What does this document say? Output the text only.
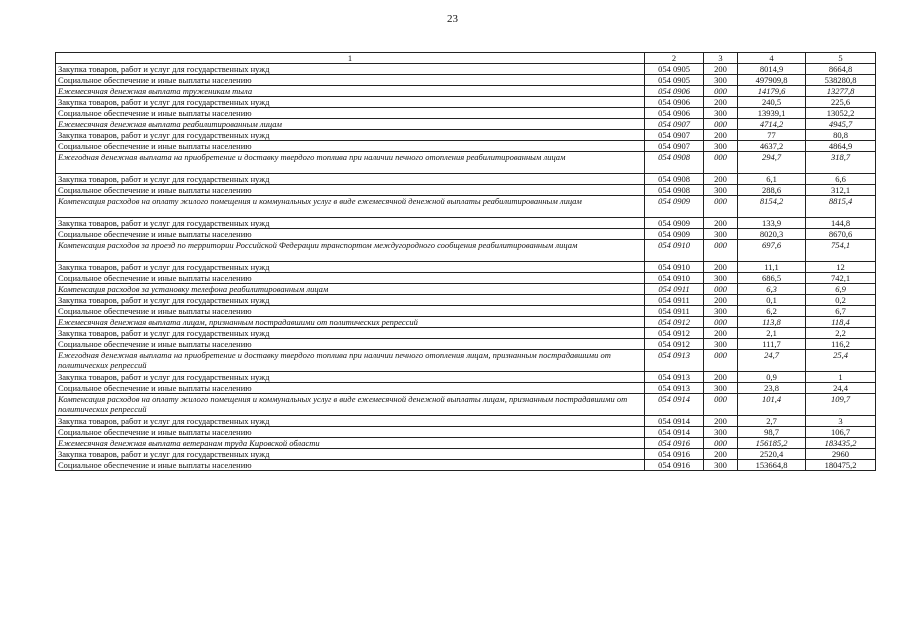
23
1	2	3	4	5
Закупка товаров, работ и услуг для государственных нужд	054 0905	200	8014,9	8664,8
Социальное обеспечение и иные выплаты населению	054 0905	300	497909,8	538280,8
Ежемесячная денежная выплата труженикам тыла	054 0906	000	14179,6	13277,8
Закупка товаров, работ и услуг для государственных нужд	054 0906	200	240,5	225,6
Социальное обеспечение и иные выплаты населению	054 0906	300	13939,1	13052,2
Ежемесячная денежная выплата реабилитированным лицам	054 0907	000	4714,2	4945,7
Закупка товаров, работ и услуг для государственных нужд	054 0907	200	77	80,8
Социальное обеспечение и иные выплаты населению	054 0907	300	4637,2	4864,9
Ежегодная денежная выплата на приобретение и доставку твердого топлива при наличии печного отопления реабилитированным лицам	054 0908	000	294,7	318,7
Закупка товаров, работ и услуг для государственных нужд	054 0908	200	6,1	6,6
Социальное обеспечение и иные выплаты населению	054 0908	300	288,6	312,1
Компенсация расходов на оплату жилого помещения и коммунальных услуг в виде ежемесячной денежной выплаты реабилитированным лицам	054 0909	000	8154,2	8815,4
Закупка товаров, работ и услуг для государственных нужд	054 0909	200	133,9	144,8
Социальное обеспечение и иные выплаты населению	054 0909	300	8020,3	8670,6
Компенсация расходов за проезд по территории Российской Федерации транспортом междугородного сообщения реабилитированным лицам	054 0910	000	697,6	754,1
Закупка товаров, работ и услуг для государственных нужд	054 0910	200	11,1	12
Социальное обеспечение и иные выплаты населению	054 0910	300	686,5	742,1
Компенсация расходов за установку телефона реабилитированным лицам	054 0911	000	6,3	6,9
Закупка товаров, работ и услуг для государственных нужд	054 0911	200	0,1	0,2
Социальное обеспечение и иные выплаты населению	054 0911	300	6,2	6,7
Ежемесячная денежная выплата лицам, признанным пострадавшими от политических репрессий	054 0912	000	113,8	118,4
Закупка товаров, работ и услуг для государственных нужд	054 0912	200	2,1	2,2
Социальное обеспечение и иные выплаты населению	054 0912	300	111,7	116,2
Ежегодная денежная выплата на приобретение и доставку твердого топлива при наличии печного отопления лицам, признанным пострадавшими от политических репрессий	054 0913	000	24,7	25,4
Закупка товаров, работ и услуг для государственных нужд	054 0913	200	0,9	1
Социальное обеспечение и иные выплаты населению	054 0913	300	23,8	24,4
Компенсация расходов на оплату жилого помещения и коммунальных услуг в виде ежемесячной денежной выплаты лицам, признанным пострадавшими от политических репрессий	054 0914	000	101,4	109,7
Закупка товаров, работ и услуг для государственных нужд	054 0914	200	2,7	3
Социальное обеспечение и иные выплаты населению	054 0914	300	98,7	106,7
Ежемесячная денежная выплата ветеранам труда Кировской области	054 0916	000	156185,2	183435,2
Закупка товаров, работ и услуг для государственных нужд	054 0916	200	2520,4	2960
Социальное обеспечение и иные выплаты населению	054 0916	300	153664,8	180475,2
